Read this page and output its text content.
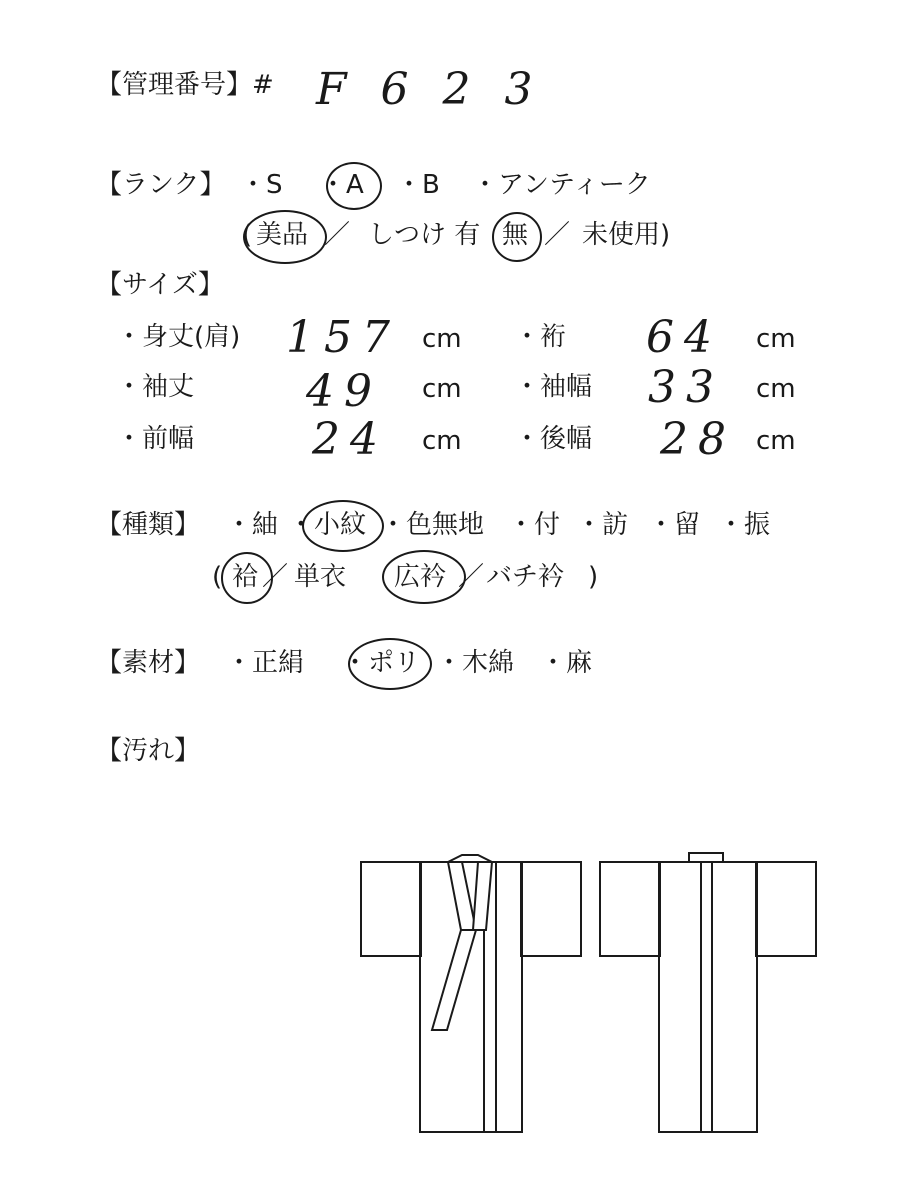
【管理番号】# F 6 2 3
【ランク】 ・S ・A ・B ・アンティーク
( 美品 ／ しつけ 有 無 ／ 未使用)
【サイズ】
・身丈(肩) 157 cm ・裄 64 cm
・袖丈	49 cm ・袖幅 33 cm
・前幅	24 cm ・後幅 28 cm
【種類】 ・紬 ・小紋 ・色無地 ・付 ・訪 ・留 ・振
( 袷 ／ 単衣 広衿 ／ バチ衿 )
【素材】 ・正絹 ・ポリ ・木綿 ・麻
【汚れ】
